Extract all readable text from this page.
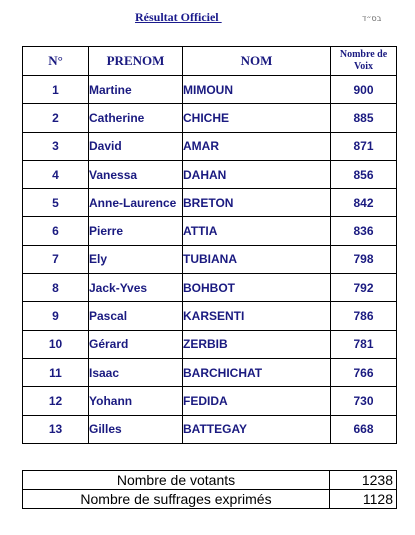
Résultat Officiel	בס״ד
N°	PRENOM	NOM	Nombre de Voix
1	Martine	MIMOUN	900
2	Catherine	CHICHE	885
3	David	AMAR	871
4	Vanessa	DAHAN	856
5	Anne-Laurence	BRETON	842
6	Pierre	ATTIA	836
7	Ely	TUBIANA	798
8	Jack-Yves	BOHBOT	792
9	Pascal	KARSENTI	786
10	Gérard	ZERBIB	781
11	Isaac	BARCHICHAT	766
12	Yohann	FEDIDA	730
13	Gilles	BATTEGAY	668
Nombre de votants	1238
Nombre de suffrages exprimés	1128
